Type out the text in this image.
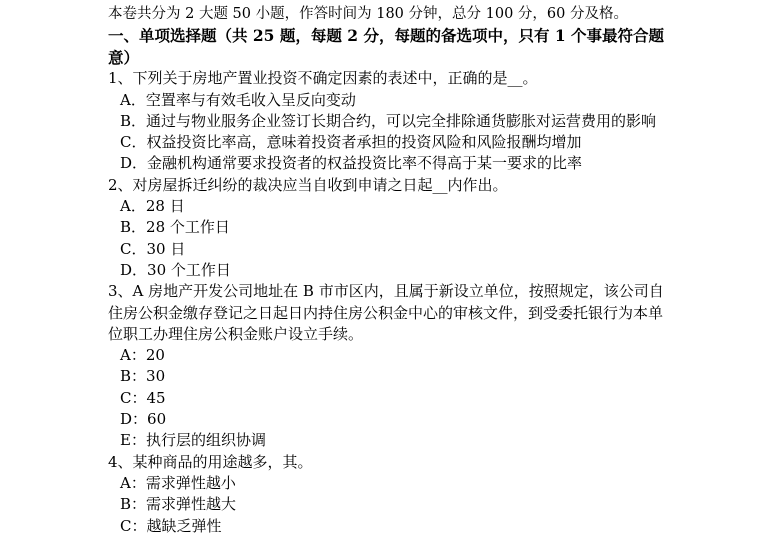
本卷共分为 2 大题 50 小题，作答时间为 180 分钟，总分 100 分，60 分及格。

一、单项选择题（共 25 题，每题 2 分，每题的备选项中，只有 1 个事最符合题意）

1、下列关于房地产置业投资不确定因素的表述中，正确的是__。

A．空置率与有效毛收入呈反向变动

B．通过与物业服务企业签订长期合约，可以完全排除通货膨胀对运营费用的影响

C．权益投资比率高，意味着投资者承担的投资风险和风险报酬均增加

D．金融机构通常要求投资者的权益投资比率不得高于某一要求的比率

2、对房屋拆迁纠纷的裁决应当自收到申请之日起__内作出。

A．28 日

B．28 个工作日

C．30 日

D．30 个工作日

3、A 房地产开发公司地址在 B 市市区内，且属于新设立单位，按照规定，该公司自住房公积金缴存登记之日起日内持住房公积金中心的审核文件，到受委托银行为本单位职工办理住房公积金账户设立手续。

A：20

B：30

C：45

D：60

E：执行层的组织协调

4、某种商品的用途越多，其。

A：需求弹性越小

B：需求弹性越大

C：越缺乏弹性
